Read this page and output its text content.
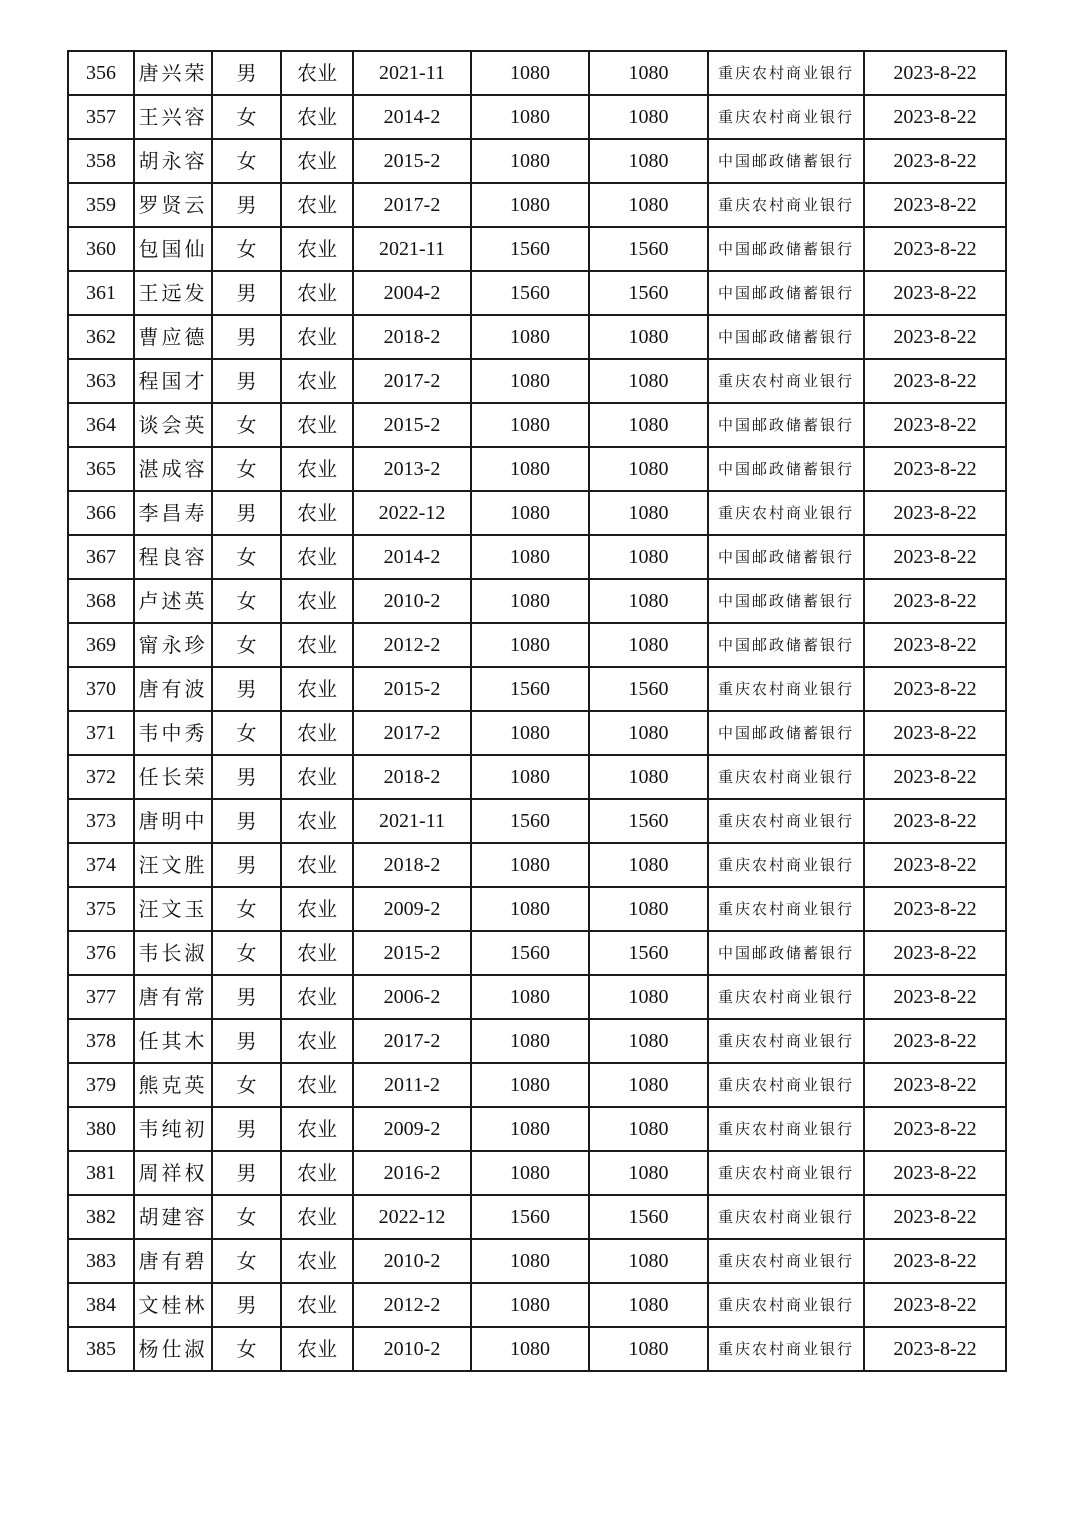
356	唐兴荣	男	农业	2021-11	1080	1080	重庆农村商业银行	2023-8-22
357	王兴容	女	农业	2014-2	1080	1080	重庆农村商业银行	2023-8-22
358	胡永容	女	农业	2015-2	1080	1080	中国邮政储蓄银行	2023-8-22
359	罗贤云	男	农业	2017-2	1080	1080	重庆农村商业银行	2023-8-22
360	包国仙	女	农业	2021-11	1560	1560	中国邮政储蓄银行	2023-8-22
361	王远发	男	农业	2004-2	1560	1560	中国邮政储蓄银行	2023-8-22
362	曹应德	男	农业	2018-2	1080	1080	中国邮政储蓄银行	2023-8-22
363	程国才	男	农业	2017-2	1080	1080	重庆农村商业银行	2023-8-22
364	谈会英	女	农业	2015-2	1080	1080	中国邮政储蓄银行	2023-8-22
365	湛成容	女	农业	2013-2	1080	1080	中国邮政储蓄银行	2023-8-22
366	李昌寿	男	农业	2022-12	1080	1080	重庆农村商业银行	2023-8-22
367	程良容	女	农业	2014-2	1080	1080	中国邮政储蓄银行	2023-8-22
368	卢述英	女	农业	2010-2	1080	1080	中国邮政储蓄银行	2023-8-22
369	甯永珍	女	农业	2012-2	1080	1080	中国邮政储蓄银行	2023-8-22
370	唐有波	男	农业	2015-2	1560	1560	重庆农村商业银行	2023-8-22
371	韦中秀	女	农业	2017-2	1080	1080	中国邮政储蓄银行	2023-8-22
372	任长荣	男	农业	2018-2	1080	1080	重庆农村商业银行	2023-8-22
373	唐明中	男	农业	2021-11	1560	1560	重庆农村商业银行	2023-8-22
374	汪文胜	男	农业	2018-2	1080	1080	重庆农村商业银行	2023-8-22
375	汪文玉	女	农业	2009-2	1080	1080	重庆农村商业银行	2023-8-22
376	韦长淑	女	农业	2015-2	1560	1560	中国邮政储蓄银行	2023-8-22
377	唐有常	男	农业	2006-2	1080	1080	重庆农村商业银行	2023-8-22
378	任其木	男	农业	2017-2	1080	1080	重庆农村商业银行	2023-8-22
379	熊克英	女	农业	2011-2	1080	1080	重庆农村商业银行	2023-8-22
380	韦纯初	男	农业	2009-2	1080	1080	重庆农村商业银行	2023-8-22
381	周祥权	男	农业	2016-2	1080	1080	重庆农村商业银行	2023-8-22
382	胡建容	女	农业	2022-12	1560	1560	重庆农村商业银行	2023-8-22
383	唐有碧	女	农业	2010-2	1080	1080	重庆农村商业银行	2023-8-22
384	文桂林	男	农业	2012-2	1080	1080	重庆农村商业银行	2023-8-22
385	杨仕淑	女	农业	2010-2	1080	1080	重庆农村商业银行	2023-8-22
